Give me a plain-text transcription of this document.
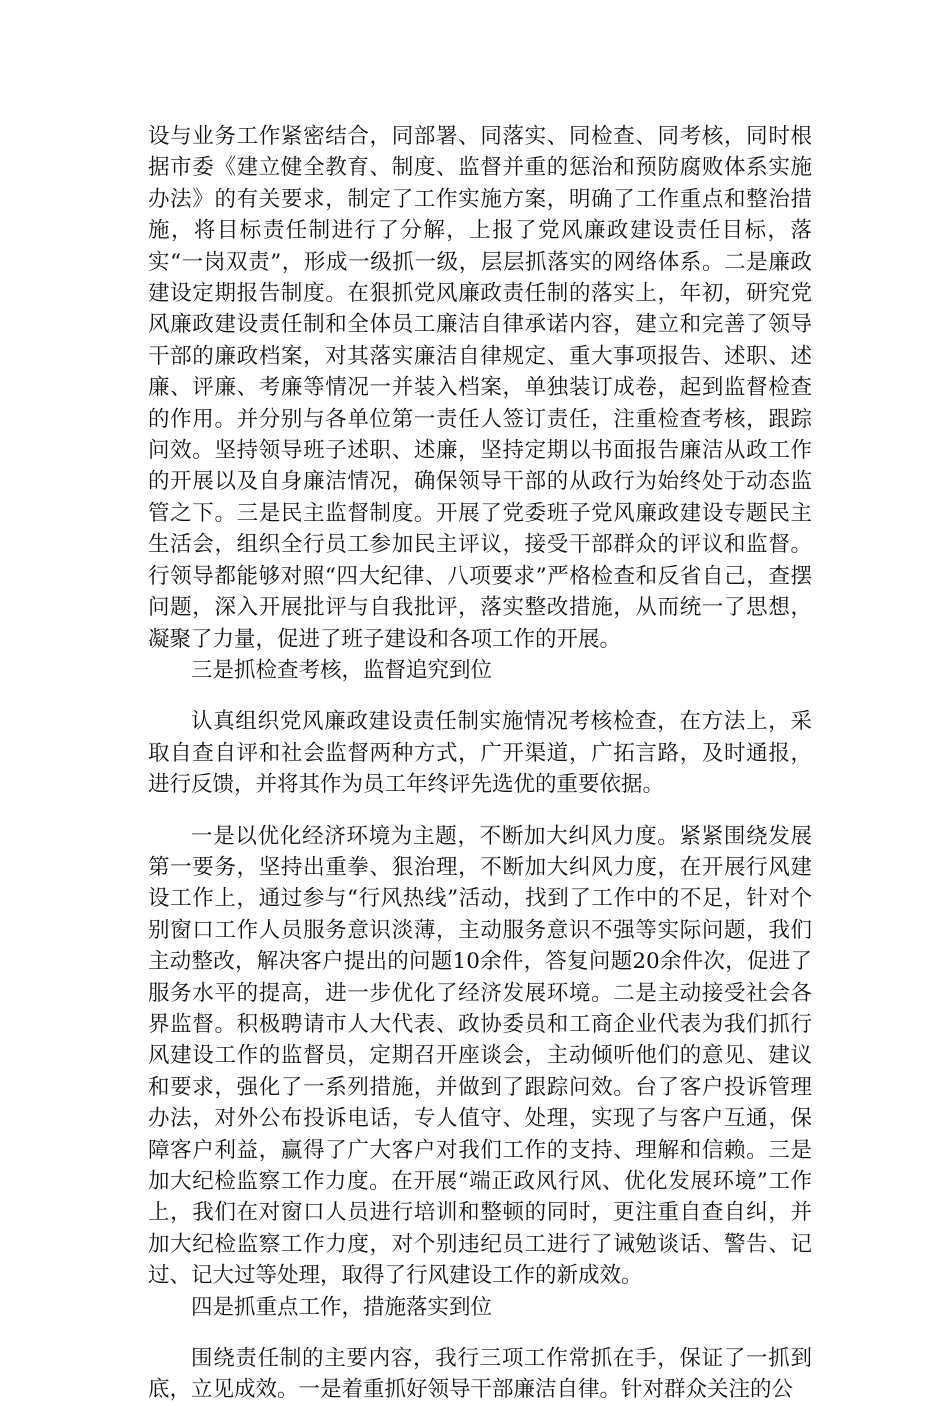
设与业务工作紧密结合，同部署、同落实、同检查、同考核，同时根据市委《建立健全教育、制度、监督并重的惩治和预防腐败体系实施办法》的有关要求，制定了工作实施方案，明确了工作重点和整治措施，将目标责任制进行了分解，上报了党风廉政建设责任目标，落实“一岗双责”，形成一级抓一级，层层抓落实的网络体系。二是廉政建设定期报告制度。在狠抓党风廉政责任制的落实上，年初，研究党风廉政建设责任制和全体员工廉洁自律承诺内容，建立和完善了领导干部的廉政档案，对其落实廉洁自律规定、重大事项报告、述职、述廉、评廉、考廉等情况一并装入档案，单独装订成卷，起到监督检查的作用。并分别与各单位第一责任人签订责任，注重检查考核，跟踪问效。坚持领导班子述职、述廉，坚持定期以书面报告廉洁从政工作的开展以及自身廉洁情况，确保领导干部的从政行为始终处于动态监管之下。三是民主监督制度。开展了党委班子党风廉政建设专题民主生活会，组织全行员工参加民主评议，接受干部群众的评议和监督。行领导都能够对照“四大纪律、八项要求”严格检查和反省自己，查摆问题，深入开展批评与自我批评，落实整改措施，从而统一了思想，凝聚了力量，促进了班子建设和各项工作的开展。

三是抓检查考核，监督追究到位

认真组织党风廉政建设责任制实施情况考核检查，在方法上，采取自查自评和社会监督两种方式，广开渠道，广拓言路，及时通报，进行反馈，并将其作为员工年终评先选优的重要依据。

一是以优化经济环境为主题，不断加大纠风力度。紧紧围绕发展第一要务，坚持出重拳、狠治理，不断加大纠风力度，在开展行风建设工作上，通过参与“行风热线”活动，找到了工作中的不足，针对个别窗口工作人员服务意识淡薄，主动服务意识不强等实际问题，我们主动整改，解决客户提出的问题10余件，答复问题20余件次，促进了服务水平的提高，进一步优化了经济发展环境。二是主动接受社会各界监督。积极聘请市人大代表、政协委员和工商企业代表为我们抓行风建设工作的监督员，定期召开座谈会，主动倾听他们的意见、建议和要求，强化了一系列措施，并做到了跟踪问效。台了客户投诉管理办法，对外公布投诉电话，专人值守、处理，实现了与客户互通，保障客户利益，赢得了广大客户对我们工作的支持、理解和信赖。三是加大纪检监察工作力度。在开展“端正政风行风、优化发展环境”工作上，我们在对窗口人员进行培训和整顿的同时，更注重自查自纠，并加大纪检监察工作力度，对个别违纪员工进行了诫勉谈话、警告、记过、记大过等处理，取得了行风建设工作的新成效。

四是抓重点工作，措施落实到位

围绕责任制的主要内容，我行三项工作常抓在手，保证了一抓到底，立见成效。一是着重抓好领导干部廉洁自律。针对群众关注的公
